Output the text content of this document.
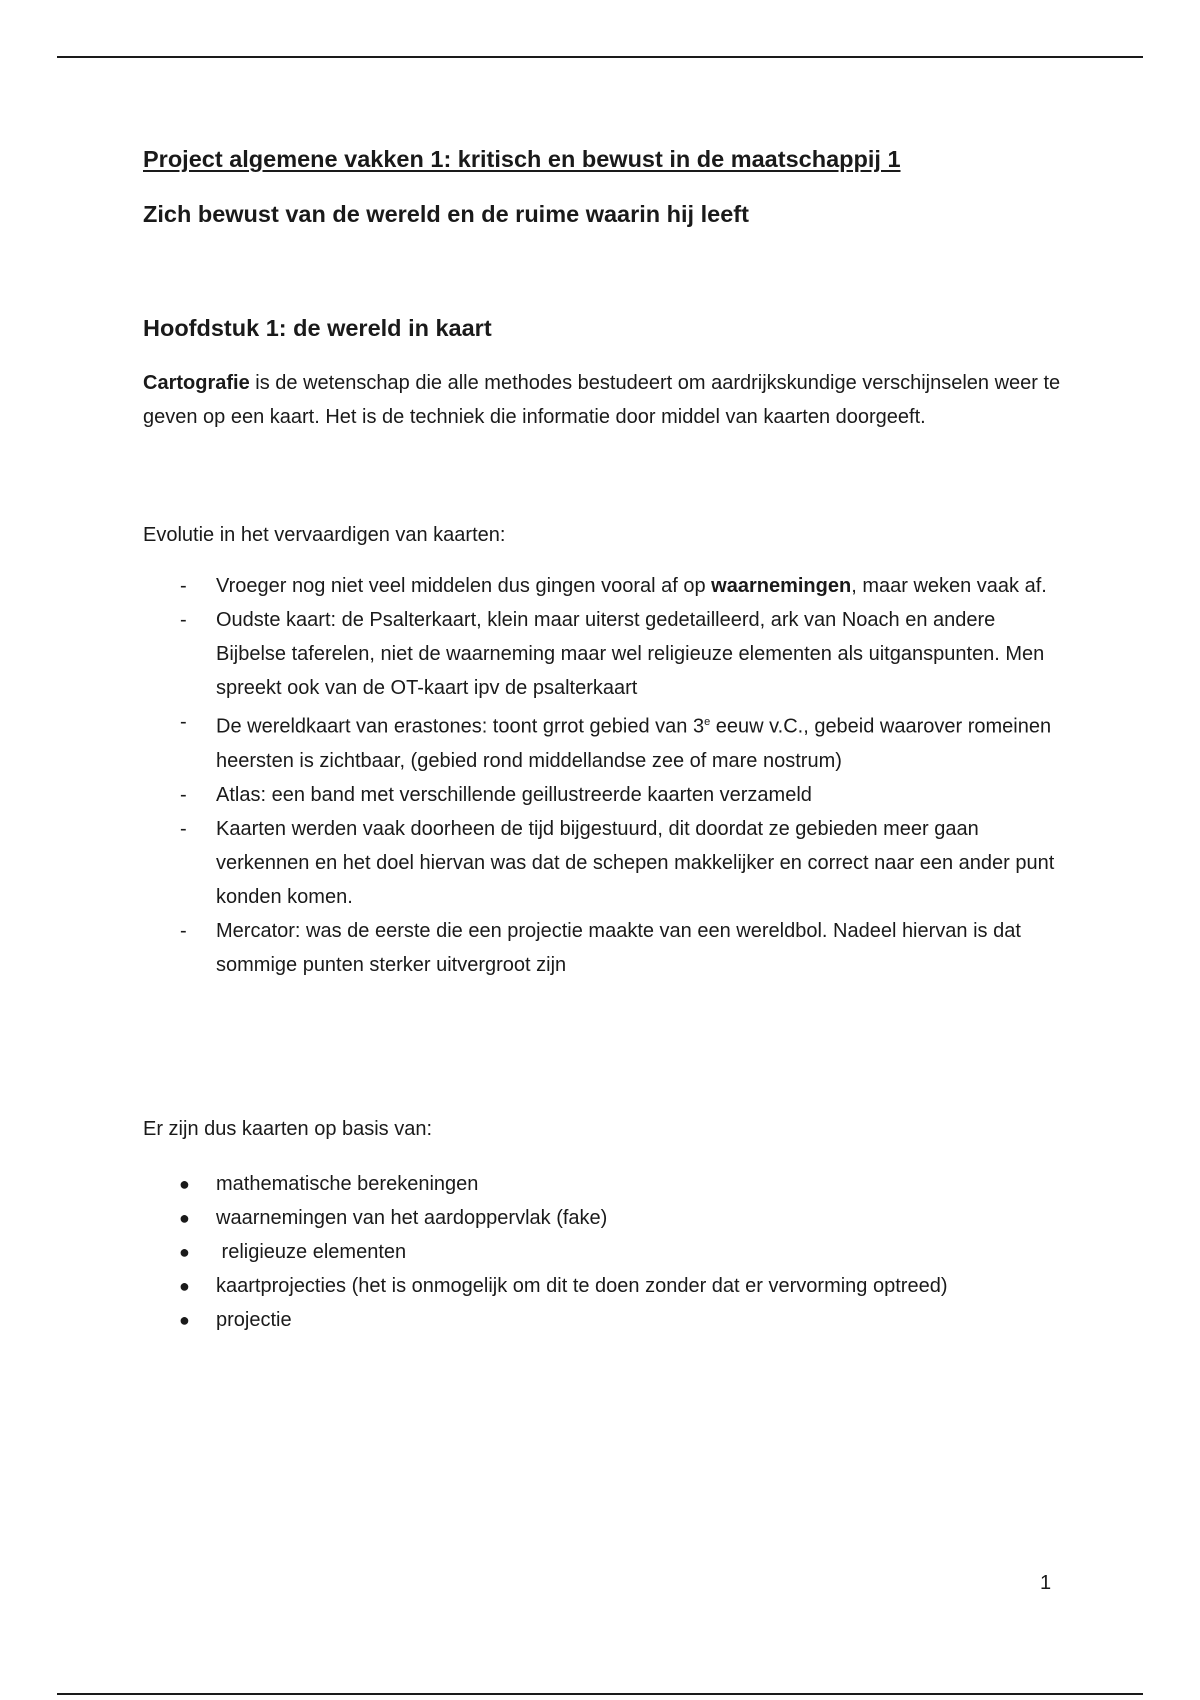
Project algemene vakken 1: kritisch en bewust in de maatschappij 1
Zich bewust van de wereld en de ruime waarin hij leeft
Hoofdstuk 1: de wereld in kaart

Cartografie is de wetenschap die alle methodes bestudeert om aardrijkskundige verschijnselen weer te geven op een kaart. Het is de techniek die informatie door middel van kaarten doorgeeft.

Evolutie in het vervaardigen van kaarten:

- Vroeger nog niet veel middelen dus gingen vooral af op waarnemingen, maar weken vaak af.
- Oudste kaart: de Psalterkaart, klein maar uiterst gedetailleerd, ark van Noach en andere Bijbelse taferelen, niet de waarneming maar wel religieuze elementen als uitganspunten. Men spreekt ook van de OT-kaart ipv de psalterkaart
- De wereldkaart van erastones: toont grrot gebied van 3e eeuw v.C., gebeid waarover romeinen heersten is zichtbaar, (gebied rond middellandse zee of mare nostrum)
- Atlas: een band met verschillende geillustreerde kaarten verzameld
- Kaarten werden vaak doorheen de tijd bijgestuurd, dit doordat ze gebieden meer gaan verkennen en het doel hiervan was dat de schepen makkelijker en correct naar een ander punt konden komen.
- Mercator: was de eerste die een projectie maakte van een wereldbol. Nadeel hiervan is dat sommige punten sterker uitvergroot zijn

Er zijn dus kaarten op basis van:

● mathematische berekeningen
● waarnemingen van het aardoppervlak (fake)
● religieuze elementen
● kaartprojecties (het is onmogelijk om dit te doen zonder dat er vervorming optreed)
● projectie
1
